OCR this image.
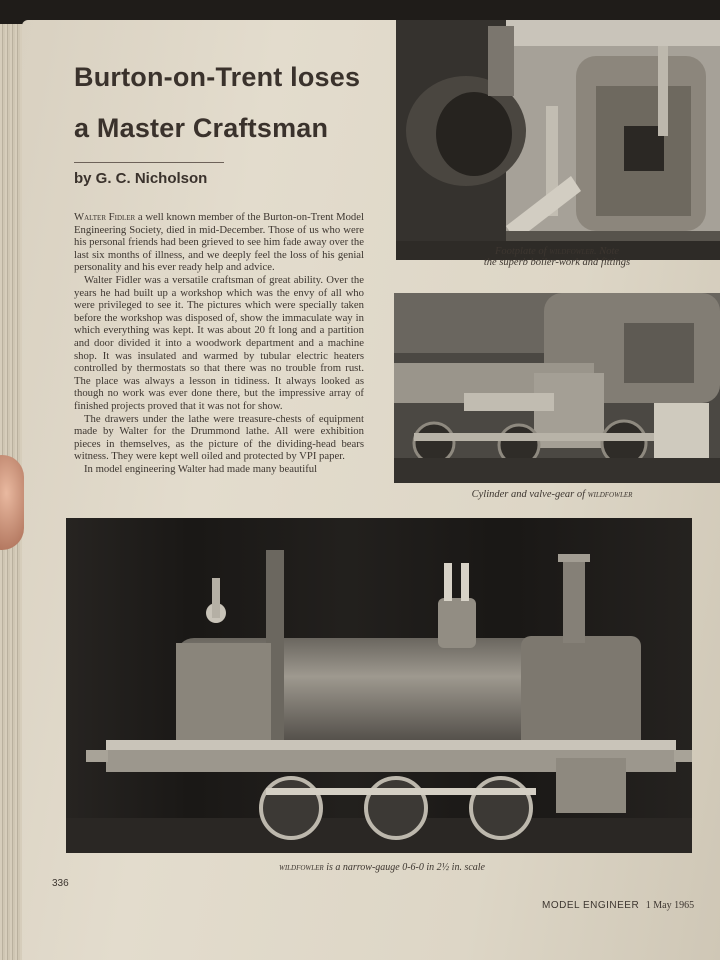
Burton-on-Trent loses
a Master Craftsman
by G. C. Nicholson

Walter Fidler a well known member of the Burton-on-Trent Model Engineering Society, died in mid-December. Those of us who were his personal friends had been grieved to see him fade away over the last six months of illness, and we deeply feel the loss of his genial personality and his ever ready help and advice.

Walter Fidler was a versatile craftsman of great ability. Over the years he had built up a workshop which was the envy of all who were privileged to see it. The pictures which were specially taken before the workshop was disposed of, show the immaculate way in which everything was kept. It was about 20 ft long and a partition and door divided it into a woodwork department and a machine shop. It was insulated and warmed by tubular electric heaters controlled by thermostats so that there was no trouble from rust. The place was always a lesson in tidiness. It always looked as though no work was ever done there, but the impressive array of finished projects proved that it was not for show.

The drawers under the lathe were treasure-chests of equipment made by Walter for the Drummond lathe. All were exhibition pieces in themselves, as the picture of the dividing-head bears witness. They were kept well oiled and protected by VPI paper.

In model engineering Walter had made many beautiful

Footplate of wildfowler. Note
the superb boiler-work and fittings
Cylinder and valve-gear of wildfowler
wildfowler is a narrow-gauge 0-6-0 in 2½ in. scale
336
MODEL ENGINEER 1 May 1965
